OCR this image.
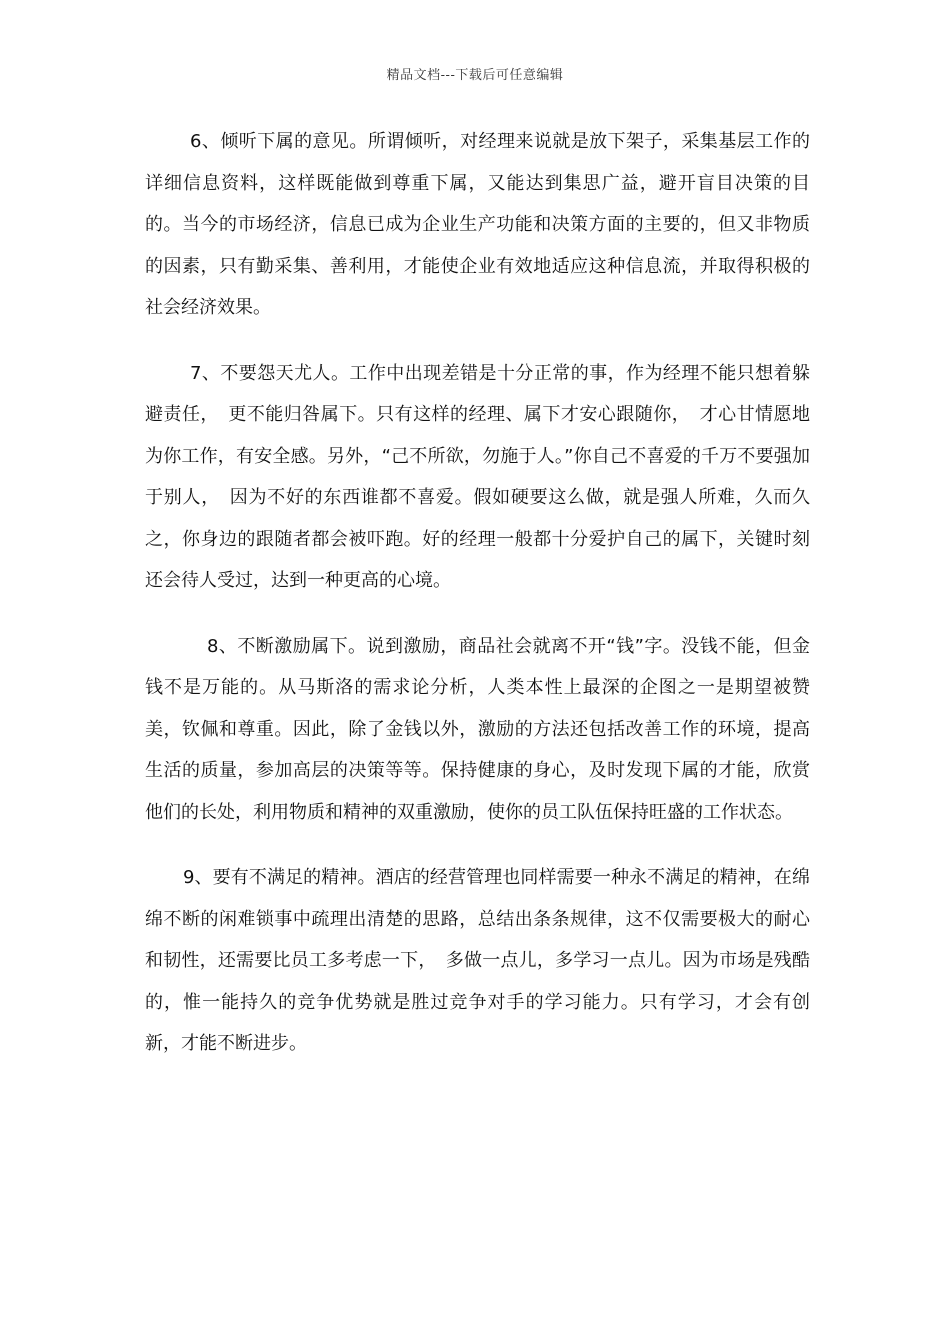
精品文档---下载后可任意编辑

6、倾听下属的意见。所谓倾听，对经理来说就是放下架子，采集基层工作的详细信息资料，这样既能做到尊重下属，又能达到集思广益，避开盲目决策的目的。当今的市场经济，信息已成为企业生产功能和决策方面的主要的，但又非物质的因素，只有勤采集、善利用，才能使企业有效地适应这种信息流，并取得积极的社会经济效果。

7、不要怨天尤人。工作中出现差错是十分正常的事，作为经理不能只想着躲避责任，　更不能归咎属下。只有这样的经理、属下才安心跟随你，　才心甘情愿地为你工作，有安全感。另外，“己不所欲，勿施于人。”你自己不喜爱的千万不要强加于别人，　因为不好的东西谁都不喜爱。假如硬要这么做，就是强人所难，久而久之，你身边的跟随者都会被吓跑。好的经理一般都十分爱护自己的属下，关键时刻还会待人受过，达到一种更高的心境。

8、不断激励属下。说到激励，商品社会就离不开“钱”字。没钱不能，但金钱不是万能的。从马斯洛的需求论分析，人类本性上最深的企图之一是期望被赞美，钦佩和尊重。因此，除了金钱以外，激励的方法还包括改善工作的环境，提高生活的质量，参加高层的决策等等。保持健康的身心，及时发现下属的才能，欣赏他们的长处，利用物质和精神的双重激励，使你的员工队伍保持旺盛的工作状态。

9、要有不满足的精神。酒店的经营管理也同样需要一种永不满足的精神，在绵绵不断的闲难锁事中疏理出清楚的思路，总结出条条规律，这不仅需要极大的耐心和韧性，还需要比员工多考虑一下，　多做一点儿，多学习一点儿。因为市场是残酷的，惟一能持久的竞争优势就是胜过竞争对手的学习能力。只有学习，才会有创新，才能不断进步。
